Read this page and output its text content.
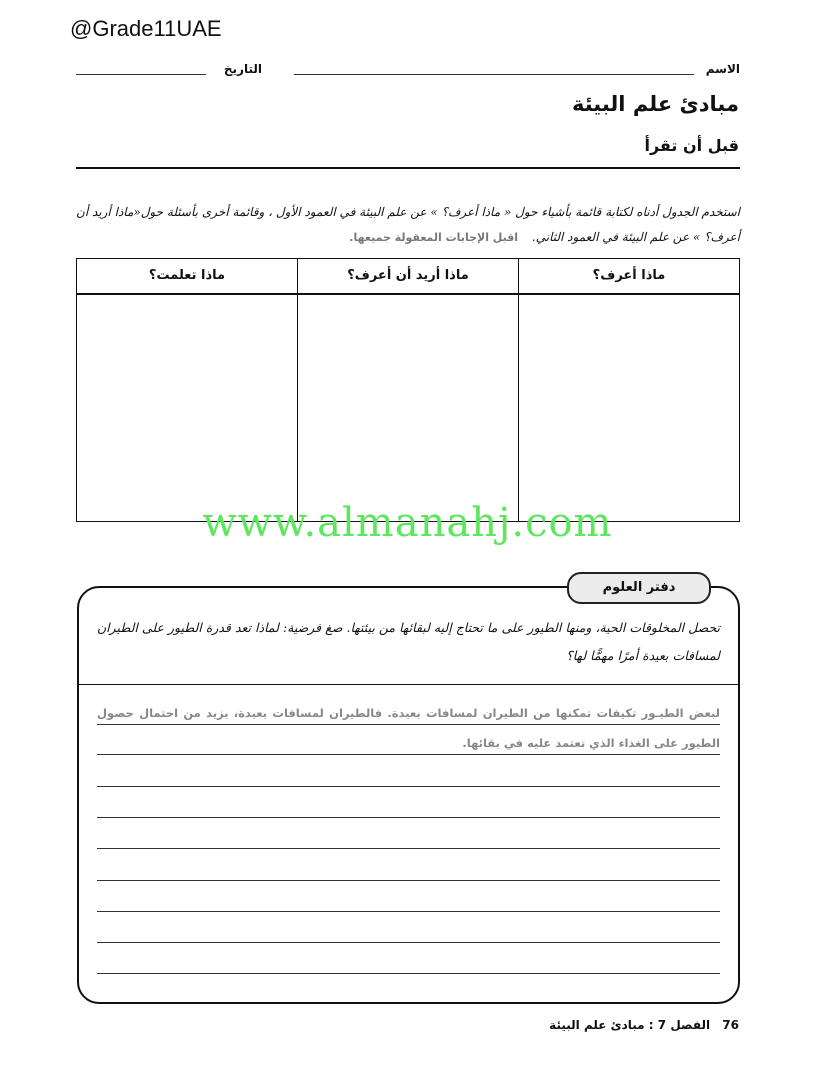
@Grade11UAE
الاسم
التاريخ
مبادئ علم البيئة
قبل أن تقرأ
استخدم الجدول أدناه لكتابة قائمة بأشياء حول « ماذا أعرف؟ » عن علم البيئة في العمود الأول ، وقائمة أخرى بأسئلة حول«ماذا أريد أن أعرف؟ » عن علم البيئة في العمود الثاني. اقبل الإجابات المعقولة جميعها.
ماذا أعرف؟
ماذا أريد أن أعرف؟
ماذا تعلمت؟
www.almanahj.com
تحصل المخلوقات الحية، ومنها الطيور على ما تحتاج إليه لبقائها من بيئتها. صغ فرضية: لماذا تعد قدرة الطيور على الطيران لمسافات بعيدة أمرًا مهمًّا لها؟
لبعض الطيـور تكيفات تمكنها من الطيران لمسافات بعيدة. فالطيران لمسافات بعيدة، يزيد من احتمال حصول الطيور على الغذاء الذي تعتمد عليه في بقائها.
دفتر العلوم
76 الفصل 7 : مبادئ علم البيئة
